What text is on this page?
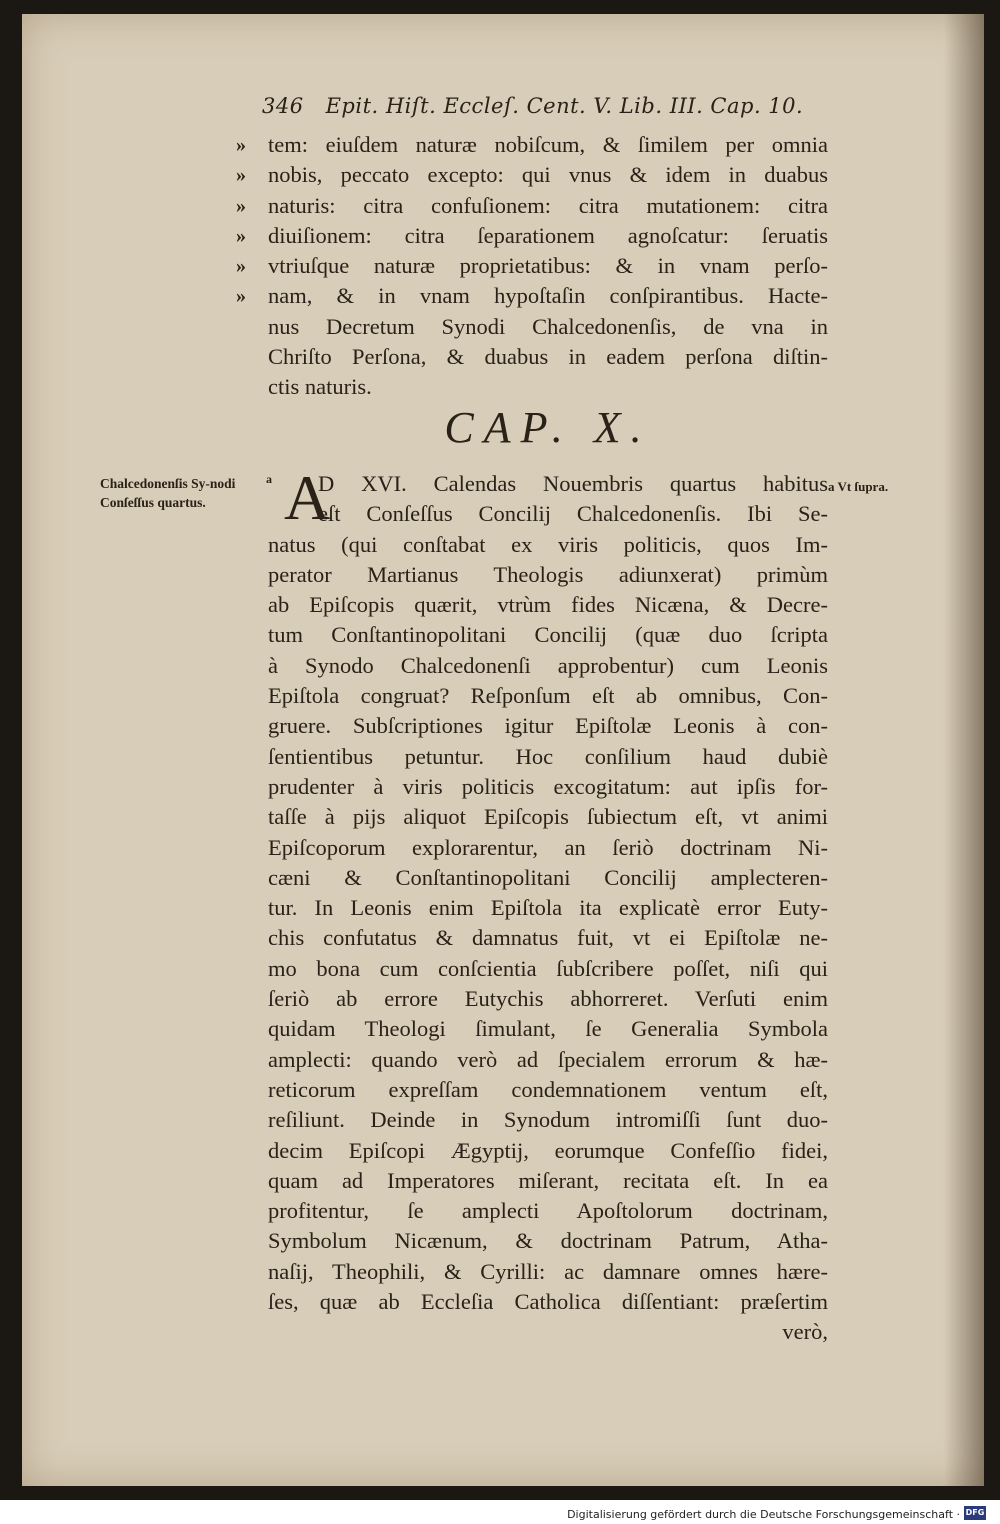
346 Epit. Hiſt. Eccleſ. Cent. V. Lib. III. Cap. 10.
»
»
»
»
»
»
tem: eiuſdem naturæ nobiſcum, & ſimilem per omnia
nobis, peccato excepto: qui vnus & idem in duabus
naturis: citra confuſionem: citra mutationem: citra
diuiſionem: citra ſeparationem agnoſcatur: ſeruatis
vtriuſque naturæ proprietatibus: & in vnam perſo-
nam, & in vnam hypoſtaſin conſpirantibus. Hacte-
nus Decretum Synodi Chalcedonenſis, de vna in
Chriſto Perſona, & duabus in eadem perſona diſtin-
ctis naturis.
CAP. X.
Chalcedonenſis Sy-nodi Conſeſſus quartus.
a	a Vt ſupra.
A
D XVI. Calendas Nouembris quartus habitus
eſt Conſeſſus Concilij Chalcedonenſis. Ibi Se-
natus (qui conſtabat ex viris politicis, quos Im-
perator Martianus Theologis adiunxerat) primùm
ab Epiſcopis quærit, vtrùm fides Nicæna, & Decre-
tum Conſtantinopolitani Concilij (quæ duo ſcripta
à Synodo Chalcedonenſi approbentur) cum Leonis
Epiſtola congruat? Reſponſum eſt ab omnibus, Con-
gruere. Subſcriptiones igitur Epiſtolæ Leonis à con-
ſentientibus petuntur. Hoc conſilium haud dubiè
prudenter à viris politicis excogitatum: aut ipſis for-
taſſe à pijs aliquot Epiſcopis ſubiectum eſt, vt animi
Epiſcoporum explorarentur, an ſeriò doctrinam Ni-
cæni & Conſtantinopolitani Concilij amplecteren-
tur. In Leonis enim Epiſtola ita explicatè error Euty-
chis confutatus & damnatus fuit, vt ei Epiſtolæ ne-
mo bona cum conſcientia ſubſcribere poſſet, niſi qui
ſeriò ab errore Eutychis abhorreret. Verſuti enim
quidam Theologi ſimulant, ſe Generalia Symbola
amplecti: quando verò ad ſpecialem errorum & hæ-
reticorum expreſſam condemnationem ventum eſt,
reſiliunt. Deinde in Synodum intromiſſi ſunt duo-
decim Epiſcopi Ægyptij, eorumque Confeſſio fidei,
quam ad Imperatores miſerant, recitata eſt. In ea
profitentur, ſe amplecti Apoſtolorum doctrinam,
Symbolum Nicænum, & doctrinam Patrum, Atha-
naſij, Theophili, & Cyrilli: ac damnare omnes hære-
ſes, quæ ab Eccleſia Catholica diſſentiant: præſertim
verò,
Digitalisierung gefördert durch die Deutsche Forschungsgemeinschaft · DFG
